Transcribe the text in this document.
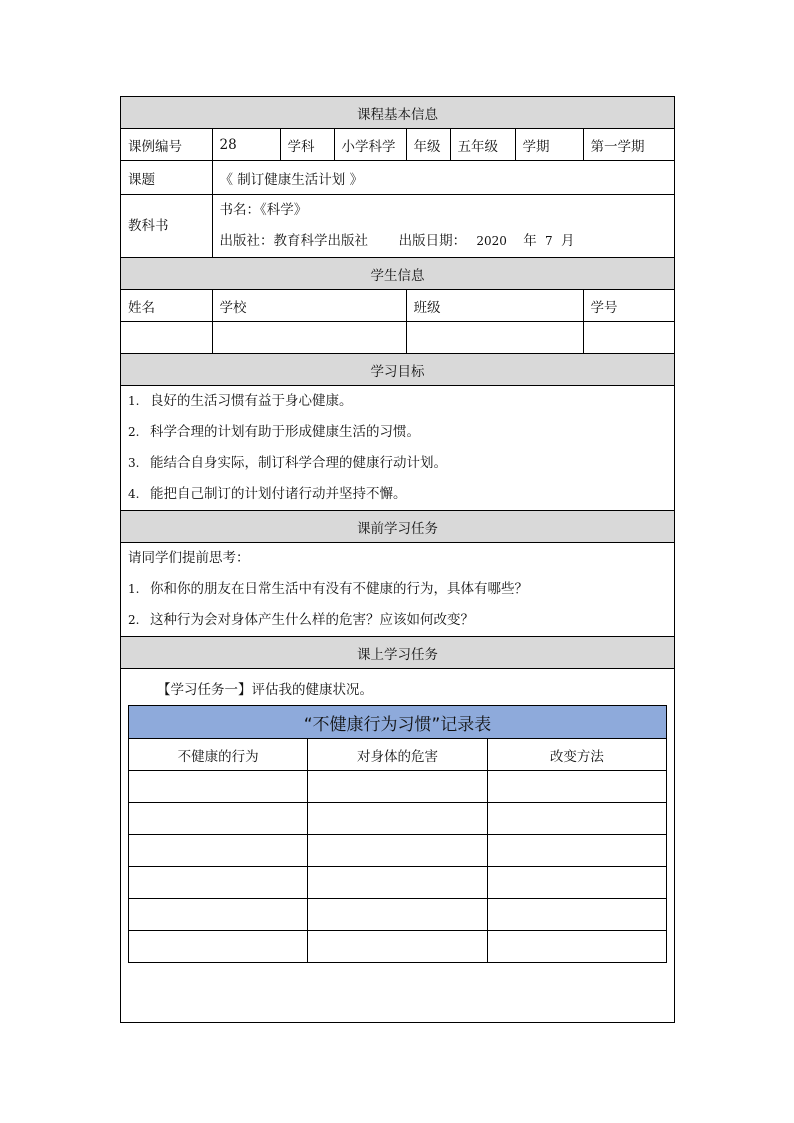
课程基本信息							
课例编号	28	学科	小学科学	年级	五年级	学期	第一学期
课题	《 制订健康生活计划 》						

教科书	书名：《科学》
出版社：教育科学出版社 出版日期： 2020 年 7 月						

学生信息							
姓名	学校			班级			学号

学习目标							

1. 良好的生活习惯有益于身心健康。
2. 科学合理的计划有助于形成健康生活的习惯。
3. 能结合自身实际，制订科学合理的健康行动计划。
4. 能把自己制订的计划付诸行动并坚持不懈。							

课前学习任务							

请同学们提前思考：
1. 你和你的朋友在日常生活中有没有不健康的行为，具体有哪些？
2. 这种行为会对身体产生什么样的危害？应该如何改变？							

课上学习任务							
【学习任务一】评估我的健康状况。
“不健康行为习惯”记录表		
不健康的行为	对身体的危害	改变方法
